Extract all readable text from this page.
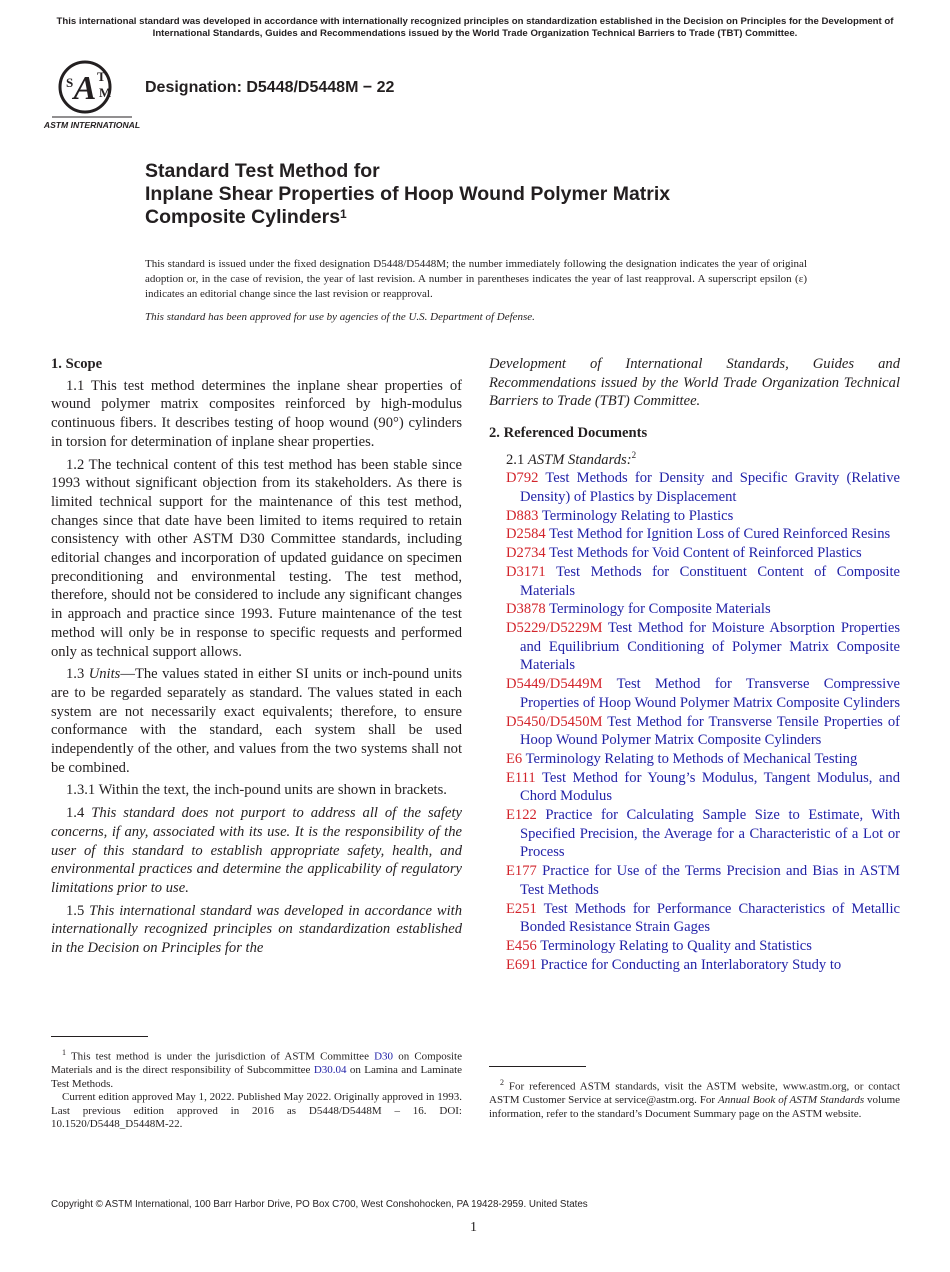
This international standard was developed in accordance with internationally recognized principles on standardization established in the Decision on Principles for the Development of International Standards, Guides and Recommendations issued by the World Trade Organization Technical Barriers to Trade (TBT) Committee.
A
S T
M
ASTM INTERNATIONAL
Designation: D5448/D5448M − 22
Standard Test Method for
Inplane Shear Properties of Hoop Wound Polymer Matrix
Composite Cylinders$^1$
This standard is issued under the fixed designation D5448/D5448M; the number immediately following the designation indicates the year of original adoption or, in the case of revision, the year of last revision. A number in parentheses indicates the year of last reapproval. A superscript epsilon (ε) indicates an editorial change since the last revision or reapproval.
This standard has been approved for use by agencies of the U.S. Department of Defense.

1. Scope

1.1 This test method determines the inplane shear properties of wound polymer matrix composites reinforced by high-modulus continuous fibers. It describes testing of hoop wound (90°) cylinders in torsion for determination of inplane shear properties.

1.2 The technical content of this test method has been stable since 1993 without significant objection from its stakeholders. As there is limited technical support for the maintenance of this test method, changes since that date have been limited to items required to retain consistency with other ASTM D30 Committee standards, including editorial changes and incorporation of updated guidance on specimen preconditioning and environmental testing. The test method, therefore, should not be considered to include any significant changes in approach and practice since 1993. Future maintenance of the test method will only be in response to specific requests and performed only as technical support allows.

1.3 Units—The values stated in either SI units or inch-pound units are to be regarded separately as standard. The values stated in each system are not necessarily exact equivalents; therefore, to ensure conformance with the standard, each system shall be used independently of the other, and values from the two systems shall not be combined.

1.3.1 Within the text, the inch-pound units are shown in brackets.

1.4 This standard does not purport to address all of the safety concerns, if any, associated with its use. It is the responsibility of the user of this standard to establish appropriate safety, health, and environmental practices and determine the applicability of regulatory limitations prior to use.

1.5 This international standard was developed in accordance with internationally recognized principles on standardization established in the Decision on Principles for the

$^1$ This test method is under the jurisdiction of ASTM Committee D30 on Composite Materials and is the direct responsibility of Subcommittee D30.04 on Lamina and Laminate Test Methods.

Current edition approved May 1, 2022. Published May 2022. Originally approved in 1993. Last previous edition approved in 2016 as D5448/D5448M – 16. DOI: 10.1520/D5448_D5448M-22.

Development of International Standards, Guides and Recommendations issued by the World Trade Organization Technical Barriers to Trade (TBT) Committee.

2. Referenced Documents

2.1 ASTM Standards:$^2$

D792 Test Methods for Density and Specific Gravity (Relative Density) of Plastics by Displacement

D883 Terminology Relating to Plastics

D2584 Test Method for Ignition Loss of Cured Reinforced Resins

D2734 Test Methods for Void Content of Reinforced Plastics

D3171 Test Methods for Constituent Content of Composite Materials

D3878 Terminology for Composite Materials

D5229/D5229M Test Method for Moisture Absorption Properties and Equilibrium Conditioning of Polymer Matrix Composite Materials

D5449/D5449M Test Method for Transverse Compressive Properties of Hoop Wound Polymer Matrix Composite Cylinders

D5450/D5450M Test Method for Transverse Tensile Properties of Hoop Wound Polymer Matrix Composite Cylinders

E6 Terminology Relating to Methods of Mechanical Testing

E111 Test Method for Young’s Modulus, Tangent Modulus, and Chord Modulus

E122 Practice for Calculating Sample Size to Estimate, With Specified Precision, the Average for a Characteristic of a Lot or Process

E177 Practice for Use of the Terms Precision and Bias in ASTM Test Methods

E251 Test Methods for Performance Characteristics of Metallic Bonded Resistance Strain Gages

E456 Terminology Relating to Quality and Statistics

E691 Practice for Conducting an Interlaboratory Study to

$^2$ For referenced ASTM standards, visit the ASTM website, www.astm.org, or contact ASTM Customer Service at service@astm.org. For Annual Book of ASTM Standards volume information, refer to the standard’s Document Summary page on the ASTM website.

Copyright © ASTM International, 100 Barr Harbor Drive, PO Box C700, West Conshohocken, PA 19428-2959. United States
1
